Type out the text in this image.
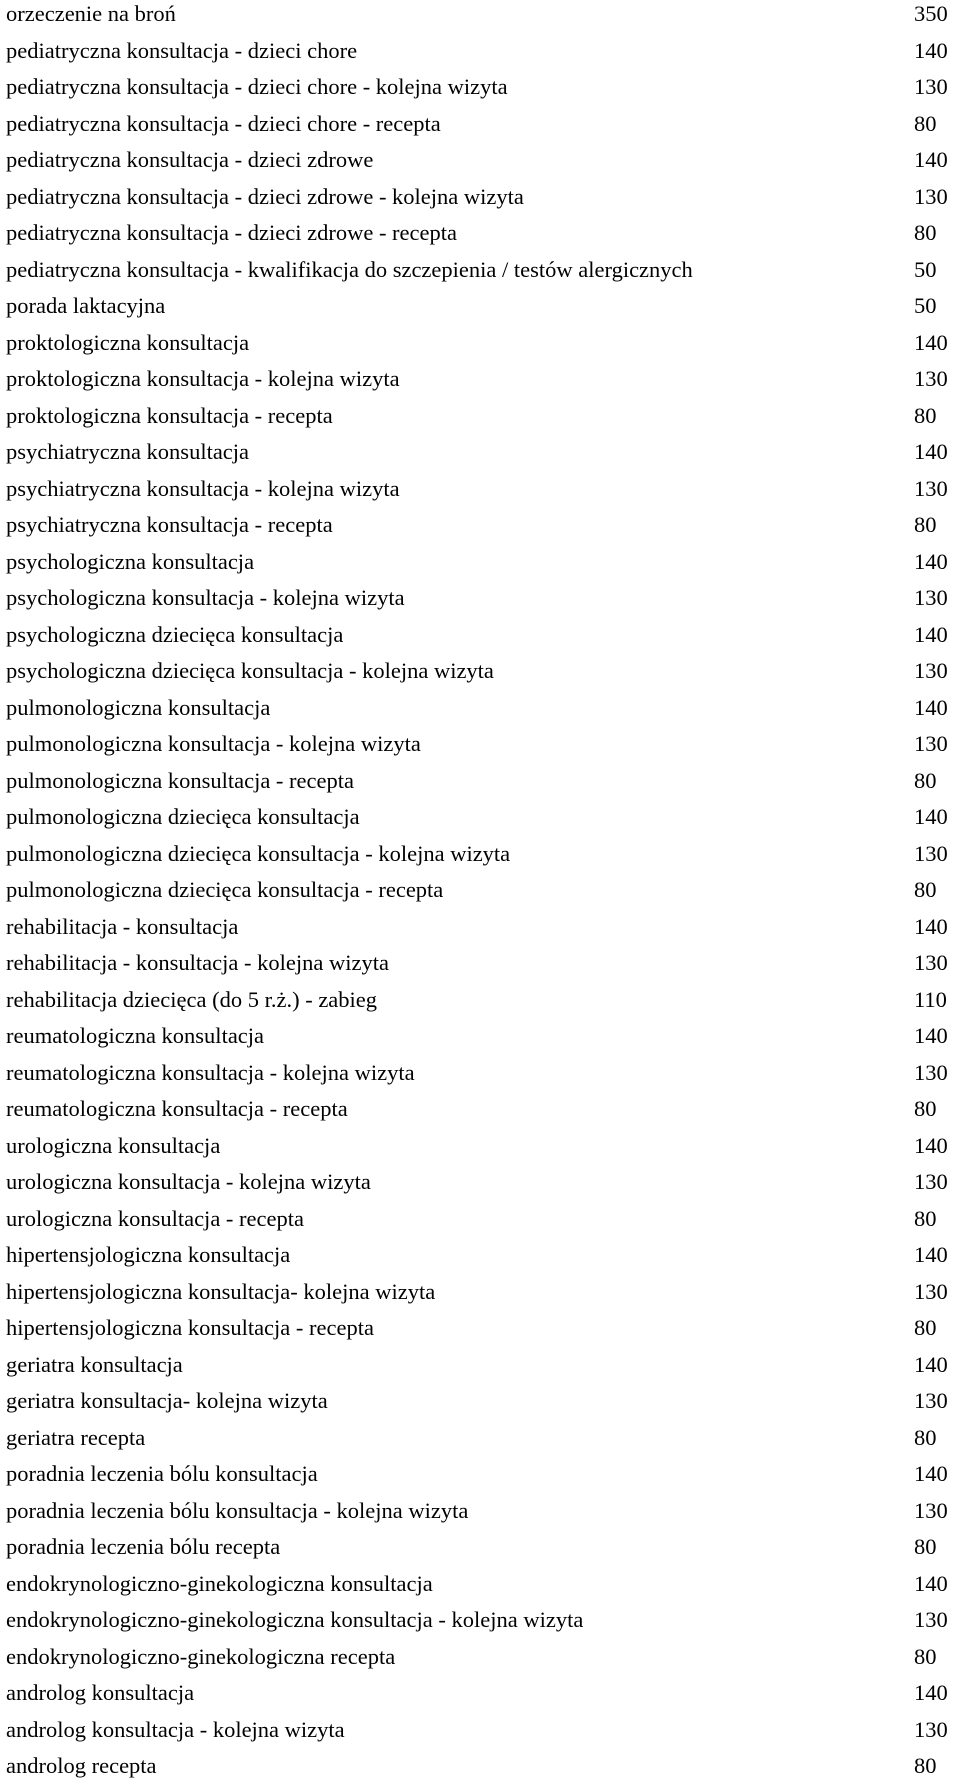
orzeczenie na broń	350
pediatryczna konsultacja - dzieci chore	140
pediatryczna konsultacja - dzieci chore - kolejna wizyta	130
pediatryczna konsultacja - dzieci chore - recepta	80
pediatryczna konsultacja - dzieci zdrowe	140
pediatryczna konsultacja - dzieci zdrowe - kolejna wizyta	130
pediatryczna konsultacja - dzieci zdrowe - recepta	80
pediatryczna konsultacja - kwalifikacja do szczepienia / testów alergicznych	50
porada laktacyjna	50
proktologiczna konsultacja	140
proktologiczna konsultacja - kolejna wizyta	130
proktologiczna konsultacja - recepta	80
psychiatryczna konsultacja	140
psychiatryczna konsultacja - kolejna wizyta	130
psychiatryczna konsultacja - recepta	80
psychologiczna konsultacja	140
psychologiczna konsultacja - kolejna wizyta	130
psychologiczna dziecięca konsultacja	140
psychologiczna dziecięca konsultacja - kolejna wizyta	130
pulmonologiczna konsultacja	140
pulmonologiczna konsultacja - kolejna wizyta	130
pulmonologiczna konsultacja - recepta	80
pulmonologiczna dziecięca konsultacja	140
pulmonologiczna dziecięca konsultacja - kolejna wizyta	130
pulmonologiczna dziecięca konsultacja - recepta	80
rehabilitacja - konsultacja	140
rehabilitacja - konsultacja - kolejna wizyta	130
rehabilitacja dziecięca (do 5 r.ż.) - zabieg	110
reumatologiczna konsultacja	140
reumatologiczna konsultacja - kolejna wizyta	130
reumatologiczna konsultacja - recepta	80
urologiczna konsultacja	140
urologiczna konsultacja - kolejna wizyta	130
urologiczna konsultacja - recepta	80
hipertensjologiczna konsultacja	140
hipertensjologiczna konsultacja- kolejna wizyta	130
hipertensjologiczna konsultacja - recepta	80
geriatra konsultacja	140
geriatra konsultacja- kolejna wizyta	130
geriatra recepta	80
poradnia leczenia bólu konsultacja	140
poradnia leczenia bólu konsultacja - kolejna wizyta	130
poradnia leczenia bólu recepta	80
endokrynologiczno-ginekologiczna konsultacja	140
endokrynologiczno-ginekologiczna konsultacja - kolejna wizyta	130
endokrynologiczno-ginekologiczna recepta	80
androlog konsultacja	140
androlog konsultacja - kolejna wizyta	130
androlog recepta	80
